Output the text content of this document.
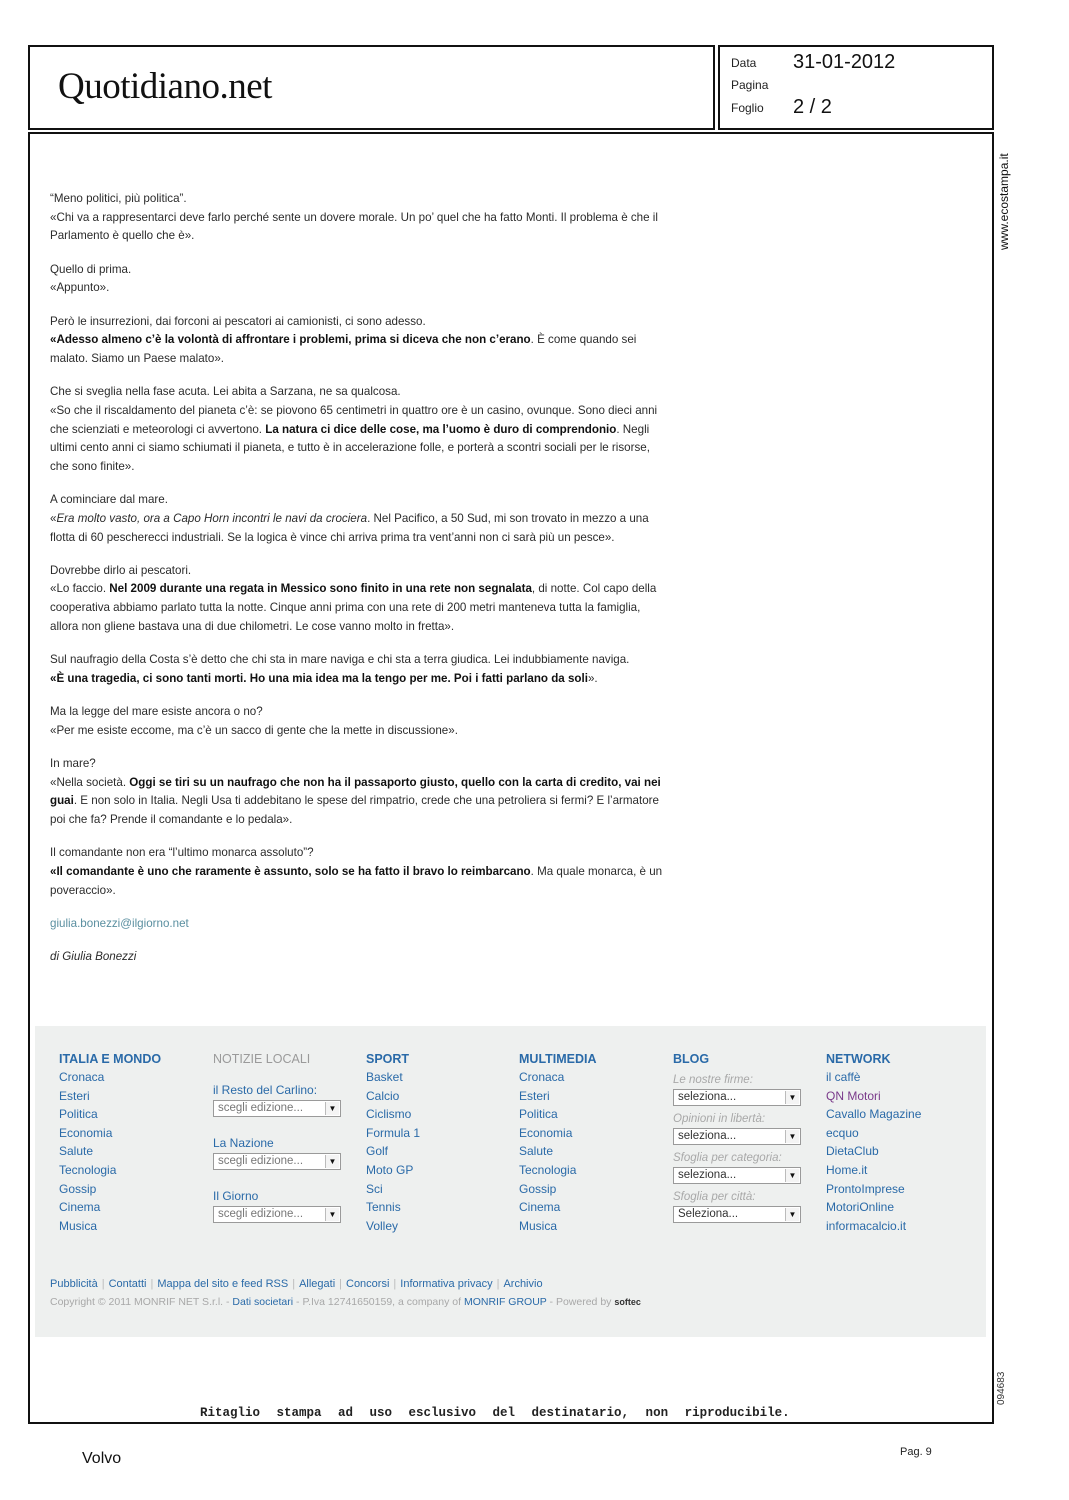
Quotidiano.net
Data 31-01-2012
Pagina
Foglio 2 / 2
www.ecostampa.it
094683

“Meno politici, più politica”.
«Chi va a rappresentarci deve farlo perché sente un dovere morale. Un po’ quel che ha fatto Monti. Il problema è che il Parlamento è quello che è».

Quello di prima.
«Appunto».

Però le insurrezioni, dai forconi ai pescatori ai camionisti, ci sono adesso.
«Adesso almeno c’è la volontà di affrontare i problemi, prima si diceva che non c’erano. È come quando sei malato. Siamo un Paese malato».

Che si sveglia nella fase acuta. Lei abita a Sarzana, ne sa qualcosa.
«So che il riscaldamento del pianeta c’è: se piovono 65 centimetri in quattro ore è un casino, ovunque. Sono dieci anni che scienziati e meteorologi ci avvertono. La natura ci dice delle cose, ma l’uomo è duro di comprendonio. Negli ultimi cento anni ci siamo schiumati il pianeta, e tutto è in accelerazione folle, e porterà a scontri sociali per le risorse, che sono finite».

A cominciare dal mare.
«Era molto vasto, ora a Capo Horn incontri le navi da crociera. Nel Pacifico, a 50 Sud, mi son trovato in mezzo a una flotta di 60 pescherecci industriali. Se la logica è vince chi arriva prima tra vent’anni non ci sarà più un pesce».

Dovrebbe dirlo ai pescatori.
«Lo faccio. Nel 2009 durante una regata in Messico sono finito in una rete non segnalata, di notte. Col capo della cooperativa abbiamo parlato tutta la notte. Cinque anni prima con una rete di 200 metri manteneva tutta la famiglia, allora non gliene bastava una di due chilometri. Le cose vanno molto in fretta».

Sul naufragio della Costa s’è detto che chi sta in mare naviga e chi sta a terra giudica. Lei indubbiamente naviga.
«È una tragedia, ci sono tanti morti. Ho una mia idea ma la tengo per me. Poi i fatti parlano da soli».

Ma la legge del mare esiste ancora o no?
«Per me esiste eccome, ma c’è un sacco di gente che la mette in discussione».

In mare?
«Nella società. Oggi se tiri su un naufrago che non ha il passaporto giusto, quello con la carta di credito, vai nei guai. E non solo in Italia. Negli Usa ti addebitano le spese del rimpatrio, crede che una petroliera si fermi? E l’armatore poi che fa? Prende il comandante e lo pedala».

Il comandante non era “l’ultimo monarca assoluto”?
«Il comandante è uno che raramente è assunto, solo se ha fatto il bravo lo reimbarcano. Ma quale monarca, è un poveraccio».

giulia.bonezzi@ilgiorno.net

di Giulia Bonezzi

ITALIA E MONDO
Cronaca
Esteri
Politica
Economia
Salute
Tecnologia
Gossip
Cinema
Musica
NOTIZIE LOCALI
il Resto del Carlino:
scegli edizione...	▼
La Nazione
scegli edizione...	▼
Il Giorno
scegli edizione...	▼
SPORT
Basket
Calcio
Ciclismo
Formula 1
Golf
Moto GP
Sci
Tennis
Volley
MULTIMEDIA
Cronaca
Esteri
Politica
Economia
Salute
Tecnologia
Gossip
Cinema
Musica
BLOG
Le nostre firme:
seleziona...	▼
Opinioni in libertà:
seleziona...	▼
Sfoglia per categoria:
seleziona...	▼
Sfoglia per città:
Seleziona...	▼
NETWORK
il caffè
QN Motori
Cavallo Magazine
ecquo
DietaClub
Home.it
ProntoImprese
MotoriOnline
informacalcio.it
Pubblicità | Contatti | Mappa del sito e feed RSS | Allegati | Concorsi | Informativa privacy | Archivio
Copyright © 2011 MONRIF NET S.r.l. - Dati societari - P.Iva 12741650159, a company of MONRIF GROUP - Powered by softec
Ritaglio stampa ad uso esclusivo del destinatario, non riproducibile.
Volvo	Pag. 9
